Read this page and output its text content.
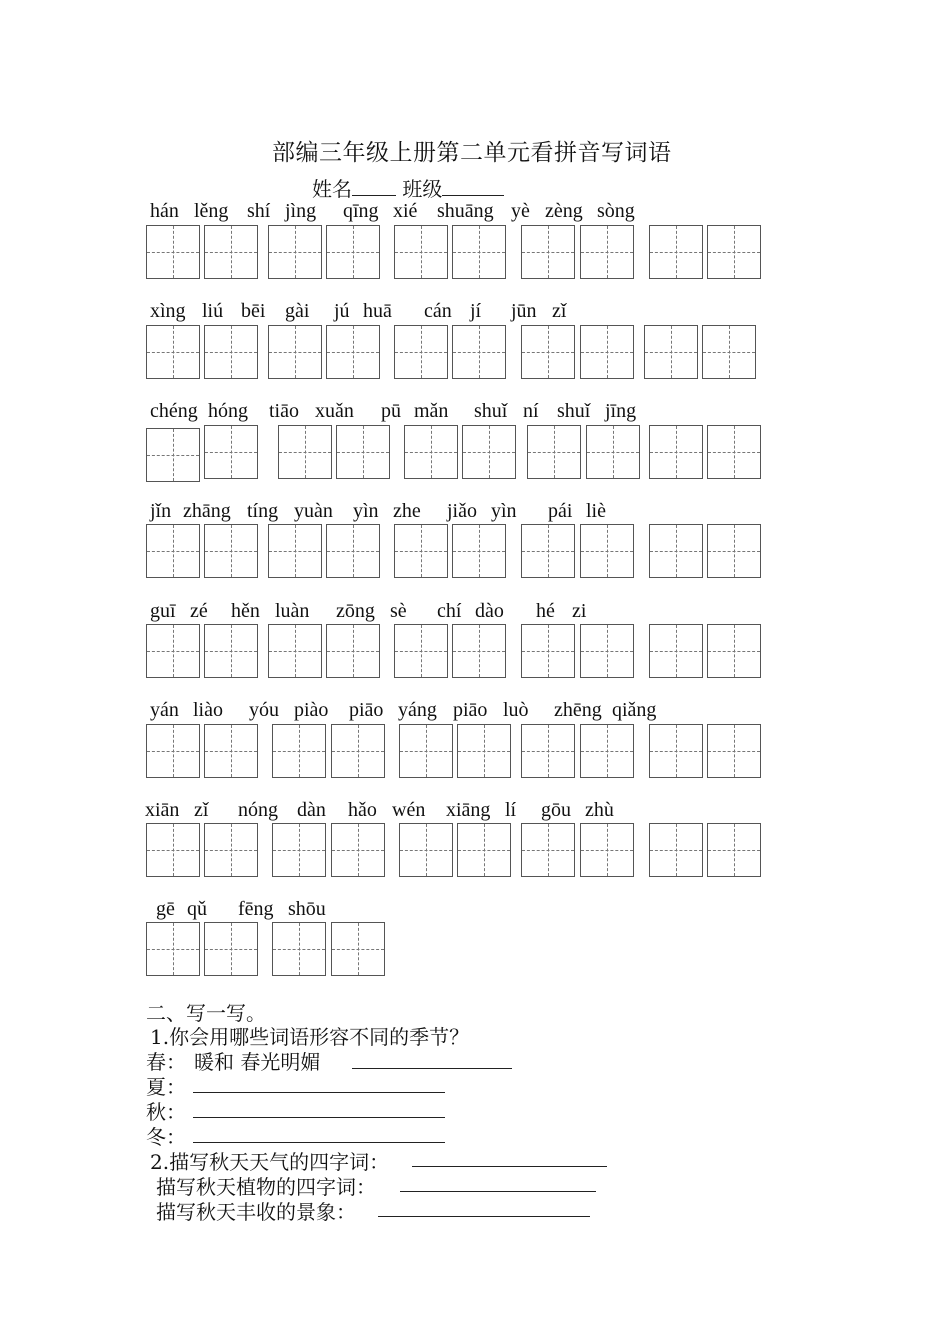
部编三年级上册第二单元看拼音写词语
姓名	班级
hán lěng shí jìng qīng xié shuāng yè zèng sòng
xìng liú bēi gài jú huā cán jí jūn zǐ
chéng hóng tiāo xuǎn pū mǎn shuǐ ní shuǐ jīng
jǐn zhāng tíng yuàn yìn zhe jiǎo yìn pái liè
guī zé hěn luàn zōng sè chí dào hé zi
yán liào yóu piào piāo yáng piāo luò zhēng qiǎng
xiān zǐ nóng dàn hǎo wén xiāng lí gōu zhù
gē qǔ fēng shōu
二、写一写。
1.你会用哪些词语形容不同的季节？
春： 暖和 春光明媚
夏：
秋：
冬：
2.描写秋天天气的四字词：
描写秋天植物的四字词：
描写秋天丰收的景象：
